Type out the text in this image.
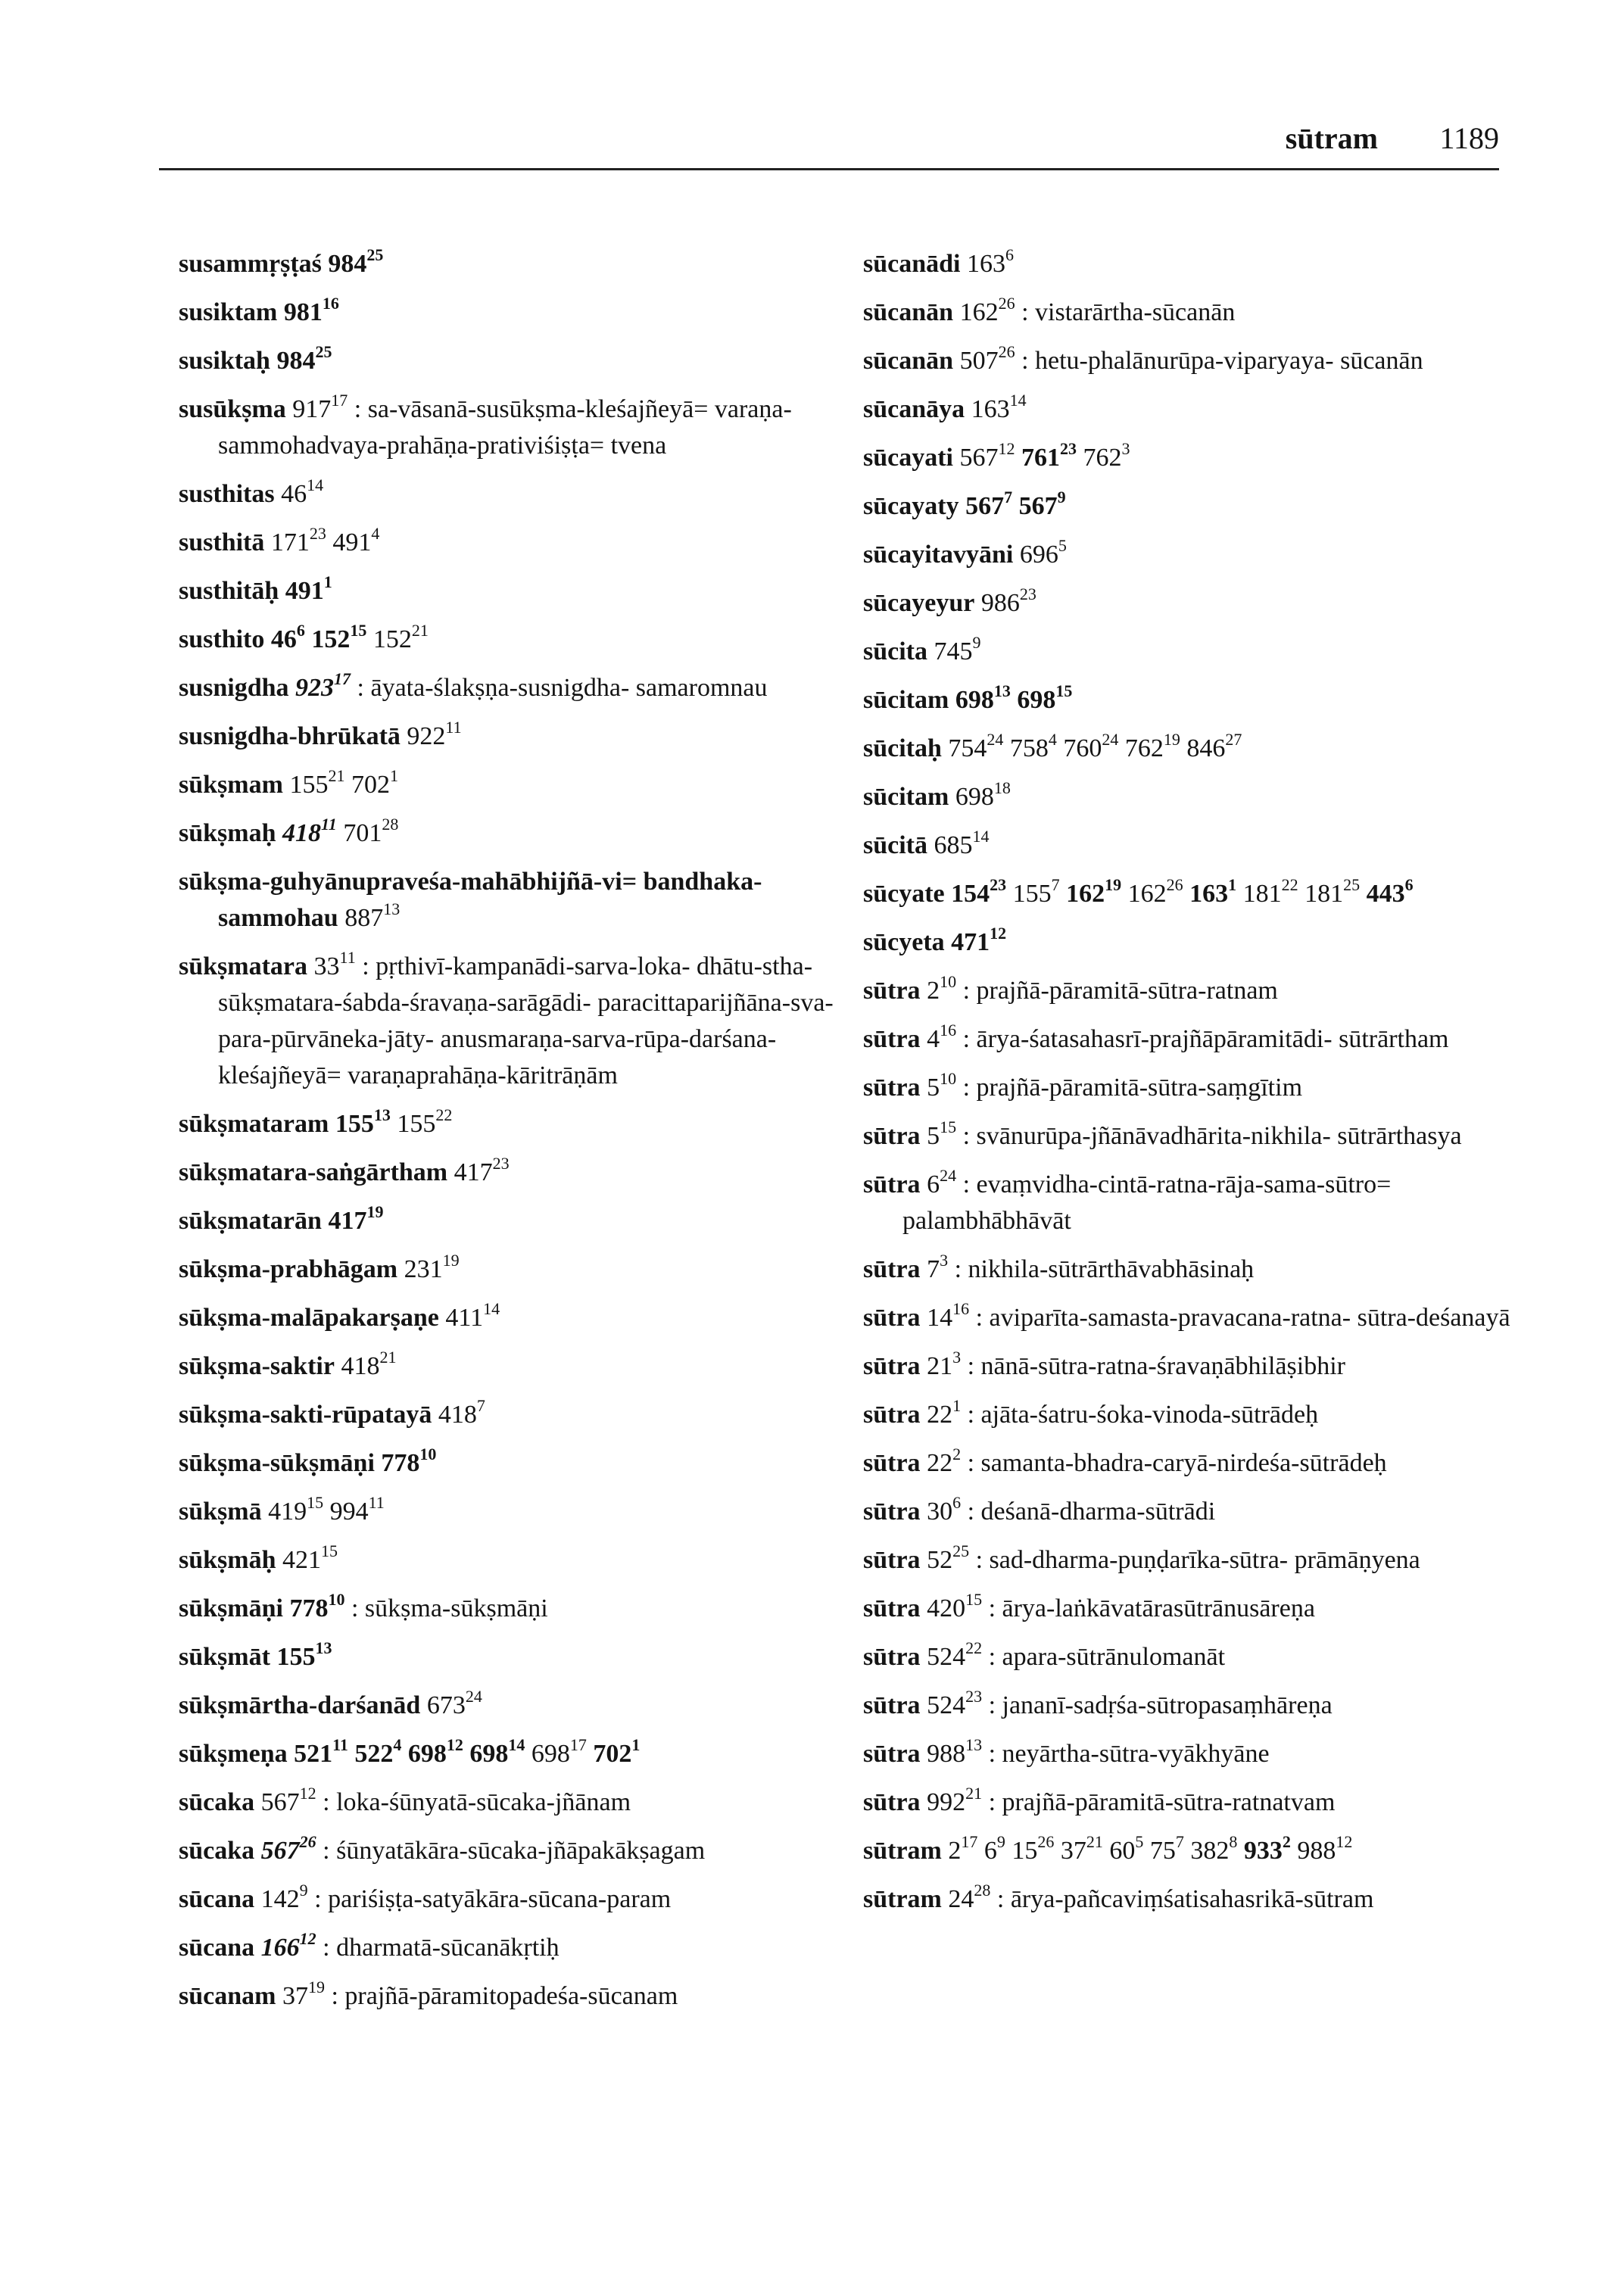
sūtram 1189
susammṛṣṭaś $984^{25}$
susiktam $981^{16}$
susiktaḥ $984^{25}$
susūkṣma $917^{17}$ : sa-vāsanā-susūkṣma-kleśajñeyā= varaṇa-sammohadvaya-prahāṇa-prativiśiṣṭa= tvena
susthitas $46^{14}$
susthitā $171^{23}$ $491^4$
susthitāḥ $491^1$
susthito $46^6$ $152^{15}$ $152^{21}$
susnigdha $923^{17}$ : āyata-ślakṣṇa-susnigdha- samaromnau
susnigdha-bhrūkatā $922^{11}$
sūkṣmam $155^{21}$ $702^1$
sūkṣmaḥ $418^{11}$ $701^{28}$
sūkṣma-guhyānupraveśa-mahābhijñā-vi= bandhaka-sammohau $887^{13}$
sūkṣmatara $33^{11}$ : pṛthivī-kampanādi-sarva-loka- dhātu-stha-sūkṣmatara-śabda-śravaṇa-sarāgādi- paracittaparijñāna-sva-para-pūrvāneka-jāty- anusmaraṇa-sarva-rūpa-darśana-kleśajñeyā= varaṇaprahāṇa-kāritrāṇām
sūkṣmataram $155^{13}$ $155^{22}$
sūkṣmatara-saṅgārtham $417^{23}$
sūkṣmatarān $417^{19}$
sūkṣma-prabhāgam $231^{19}$
sūkṣma-malāpakarṣaṇe $411^{14}$
sūkṣma-saktir $418^{21}$
sūkṣma-sakti-rūpatayā $418^7$
sūkṣma-sūkṣmāṇi $778^{10}$
sūkṣmā $419^{15}$ $994^{11}$
sūkṣmāḥ $421^{15}$
sūkṣmāṇi $778^{10}$ : sūkṣma-sūkṣmāṇi
sūkṣmāt $155^{13}$
sūkṣmārtha-darśanād $673^{24}$
sūkṣmeṇa $521^{11}$ $522^4$ $698^{12}$ $698^{14}$ $698^{17}$ $702^1$
sūcaka $567^{12}$ : loka-śūnyatā-sūcaka-jñānam
sūcaka $567^{26}$ : śūnyatākāra-sūcaka-jñāpakākṣagam
sūcana $142^9$ : pariśiṣṭa-satyākāra-sūcana-param
sūcana $166^{12}$ : dharmatā-sūcanākṛtiḥ
sūcanam $37^{19}$ : prajñā-pāramitopadeśa-sūcanam
sūcanādi $163^6$
sūcanān $162^{26}$ : vistarārtha-sūcanān
sūcanān $507^{26}$ : hetu-phalānurūpa-viparyaya- sūcanān
sūcanāya $163^{14}$
sūcayati $567^{12}$ $761^{23}$ $762^3$
sūcayaty $567^7$ $567^9$
sūcayitavyāni $696^5$
sūcayeyur $986^{23}$
sūcita $745^9$
sūcitam $698^{13}$ $698^{15}$
sūcitaḥ $754^{24}$ $758^4$ $760^{24}$ $762^{19}$ $846^{27}$
sūcitam $698^{18}$
sūcitā $685^{14}$
sūcyate $154^{23}$ $155^7$ $162^{19}$ $162^{26}$ $163^1$ $181^{22}$ $181^{25}$ $443^6$
sūcyeta $471^{12}$
sūtra $2^{10}$ : prajñā-pāramitā-sūtra-ratnam
sūtra $4^{16}$ : ārya-śatasahasrī-prajñāpāramitādi- sūtrārtham
sūtra $5^{10}$ : prajñā-pāramitā-sūtra-saṃgītim
sūtra $5^{15}$ : svānurūpa-jñānāvadhārita-nikhila- sūtrārthasya
sūtra $6^{24}$ : evaṃvidha-cintā-ratna-rāja-sama-sūtro= palambhābhāvāt
sūtra $7^3$ : nikhila-sūtrārthāvabhāsinaḥ
sūtra $14^{16}$ : aviparīta-samasta-pravacana-ratna- sūtra-deśanayā
sūtra $21^3$ : nānā-sūtra-ratna-śravaṇābhilāṣibhir
sūtra $22^1$ : ajāta-śatru-śoka-vinoda-sūtrādeḥ
sūtra $22^2$ : samanta-bhadra-caryā-nirdeśa-sūtrādeḥ
sūtra $30^6$ : deśanā-dharma-sūtrādi
sūtra $52^{25}$ : sad-dharma-puṇḍarīka-sūtra- prāmāṇyena
sūtra $420^{15}$ : ārya-laṅkāvatārasūtrānusāreṇa
sūtra $524^{22}$ : apara-sūtrānulomanāt
sūtra $524^{23}$ : jananī-sadṛśa-sūtropasaṃhāreṇa
sūtra $988^{13}$ : neyārtha-sūtra-vyākhyāne
sūtra $992^{21}$ : prajñā-pāramitā-sūtra-ratnatvam
sūtram $2^{17}$ $6^9$ $15^{26}$ $37^{21}$ $60^5$ $75^7$ $382^8$ $933^2$ $988^{12}$
sūtram $24^{28}$ : ārya-pañcaviṃśatisahasrikā-sūtram
